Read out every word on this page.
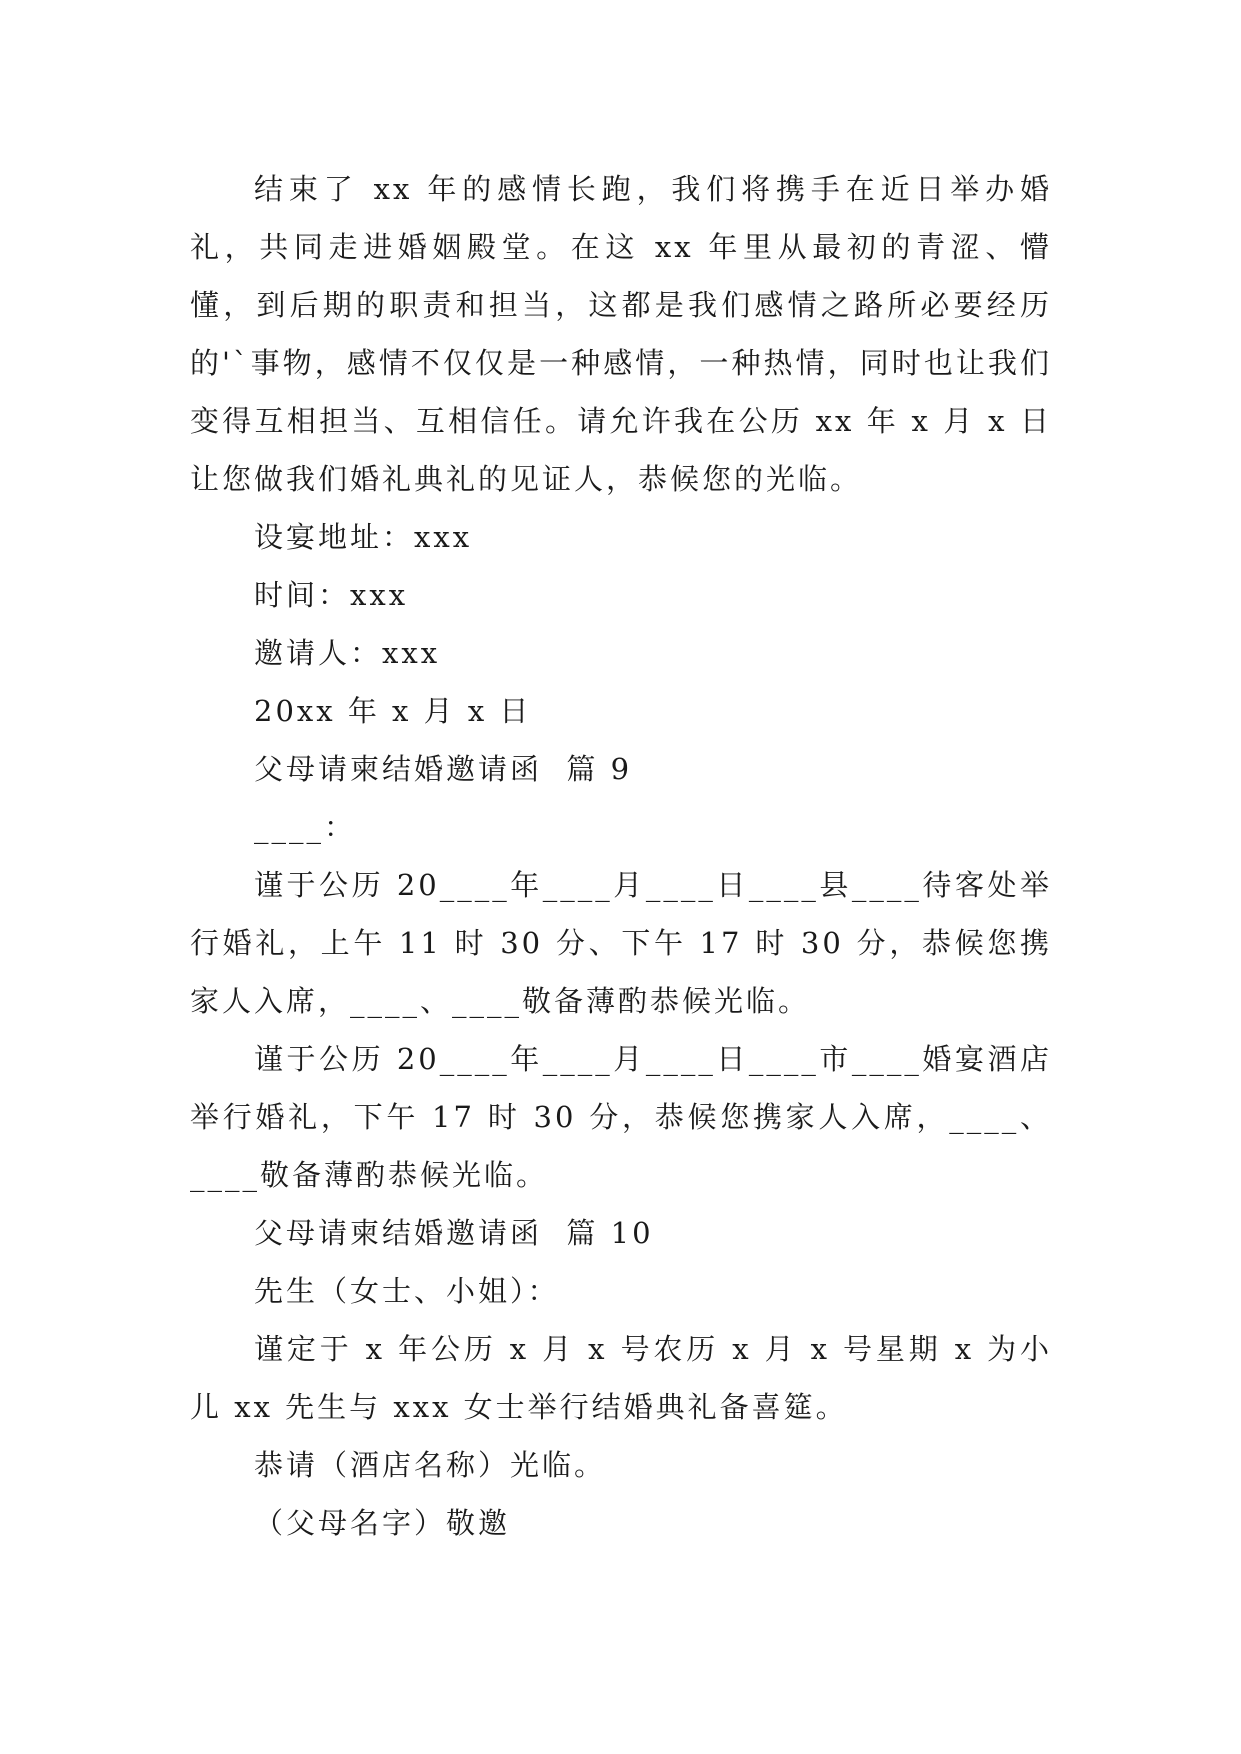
结束了 xx 年的感情长跑，我们将携手在近日举办婚礼，共同走进婚姻殿堂。在这 xx 年里从最初的青涩、懵懂，到后期的职责和担当，这都是我们感情之路所必要经历的'`事物，感情不仅仅是一种感情，一种热情，同时也让我们变得互相担当、互相信任。请允许我在公历 xx 年 x 月 x 日让您做我们婚礼典礼的见证人，恭候您的光临。

设宴地址：xxx

时间：xxx

邀请人：xxx

20xx 年 x 月 x 日

父母请柬结婚邀请函  篇 9

____：

谨于公历 20____年____月____日____县____待客处举行婚礼，上午 11 时 30 分、下午 17 时 30 分，恭候您携家人入席，____、____敬备薄酌恭候光临。

谨于公历 20____年____月____日____市____婚宴酒店举行婚礼，下午 17 时 30 分，恭候您携家人入席，____、____敬备薄酌恭候光临。

父母请柬结婚邀请函  篇 10

先生（女士、小姐）：

谨定于 x 年公历 x 月 x 号农历 x 月 x 号星期 x 为小儿 xx 先生与 xxx 女士举行结婚典礼备喜筵。

恭请（酒店名称）光临。

（父母名字）敬邀
